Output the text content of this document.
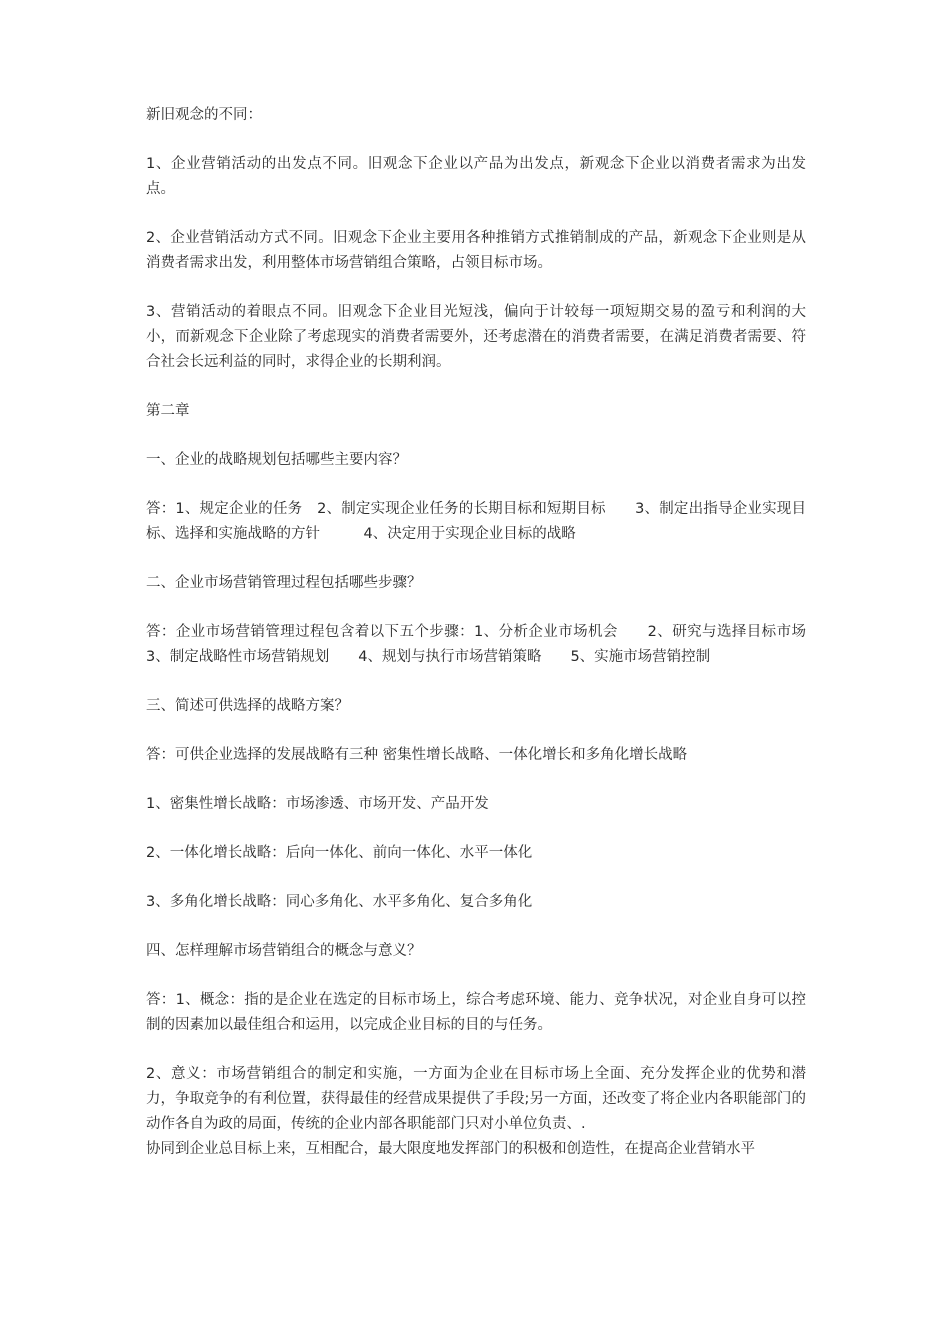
新旧观念的不同：

1、企业营销活动的出发点不同。旧观念下企业以产品为出发点，新观念下企业以消费者需求为出发点。

2、企业营销活动方式不同。旧观念下企业主要用各种推销方式推销制成的产品，新观念下企业则是从消费者需求出发，利用整体市场营销组合策略，占领目标市场。

3、营销活动的着眼点不同。旧观念下企业目光短浅，偏向于计较每一项短期交易的盈亏和利润的大小，而新观念下企业除了考虑现实的消费者需要外，还考虑潜在的消费者需要，在满足消费者需要、符合社会长远利益的同时，求得企业的长期利润。

第二章

一、企业的战略规划包括哪些主要内容？

答：1、规定企业的任务　2、制定实现企业任务的长期目标和短期目标　　3、制定出指导企业实现目标、选择和实施战略的方针　　　4、决定用于实现企业目标的战略

二、企业市场营销管理过程包括哪些步骤？

答：企业市场营销管理过程包含着以下五个步骤：1、分析企业市场机会　　2、研究与选择目标市场　　3、制定战略性市场营销规划　　4、规划与执行市场营销策略　　5、实施市场营销控制

三、简述可供选择的战略方案？

答：可供企业选择的发展战略有三种 密集性增长战略、一体化增长和多角化增长战略

1、密集性增长战略：市场渗透、市场开发、产品开发

2、一体化增长战略：后向一体化、前向一体化、水平一体化

3、多角化增长战略：同心多角化、水平多角化、复合多角化

四、怎样理解市场营销组合的概念与意义？

答：1、概念：指的是企业在选定的目标市场上，综合考虑环境、能力、竞争状况，对企业自身可以控制的因素加以最佳组合和运用，以完成企业目标的目的与任务。

2、意义：市场营销组合的制定和实施，一方面为企业在目标市场上全面、充分发挥企业的优势和潜力，争取竞争的有利位置，获得最佳的经营成果提供了手段;另一方面，还改变了将企业内各职能部门的动作各自为政的局面，传统的企业内部各职能部门只对小单位负责、.

协同到企业总目标上来，互相配合，最大限度地发挥部门的积极和创造性，在提高企业营销水平
